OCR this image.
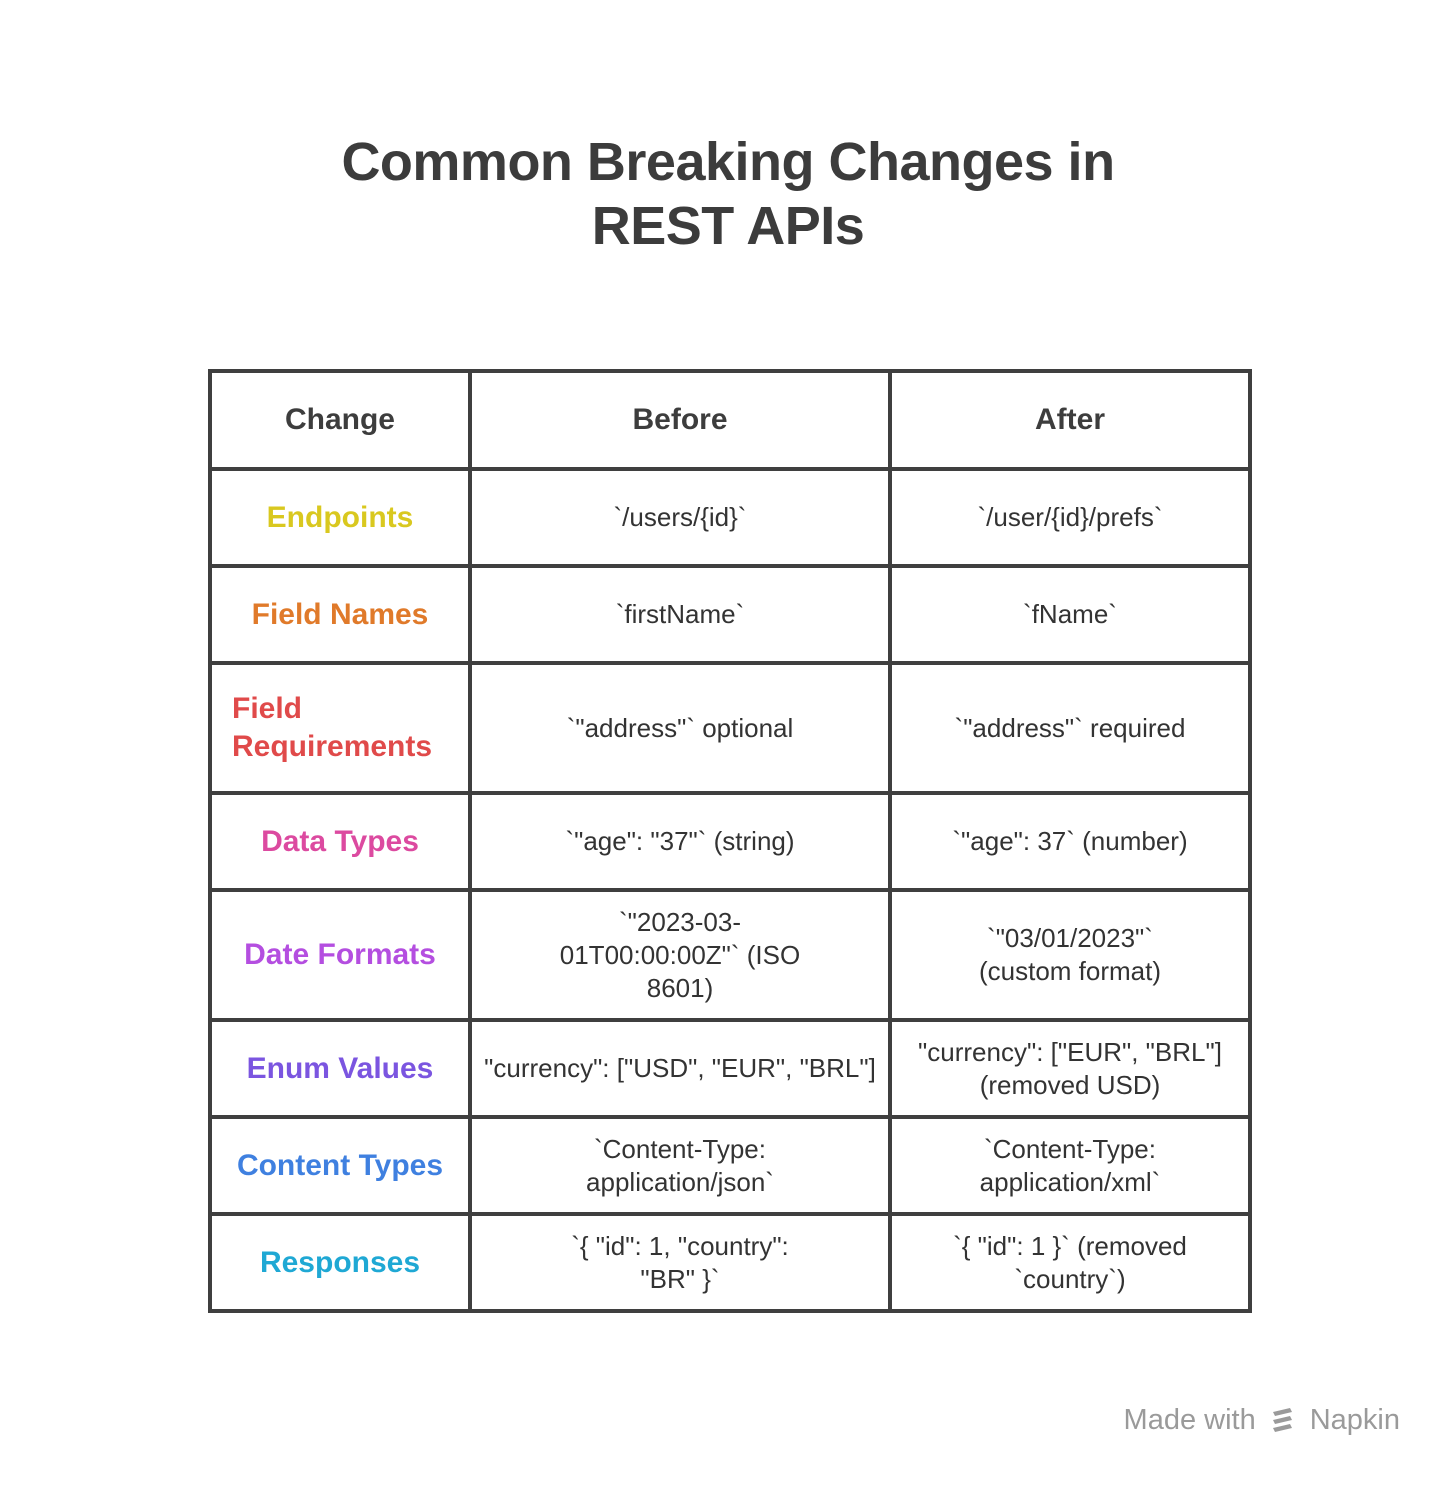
Common Breaking Changes in
REST APIs
Change	Before	After
Endpoints	`/users/{id}`	`/user/{id}/prefs`
Field Names	`firstName`	`fName`
Field Requirements	`"address"` optional	`"address"` required
Data Types	`"age": "37"` (string)	`"age": 37` (number)
Date Formats	`"2023-03-01T00:00:00Z"` (ISO 8601)	`"03/01/2023"` (custom format)
Enum Values	"currency": ["USD", "EUR", "BRL"]	"currency": ["EUR", "BRL"] (removed USD)
Content Types	`Content-Type: application/json`	`Content-Type: application/xml`
Responses	`{ "id": 1, "country": "BR" }`	`{ "id": 1 }` (removed `country`)
Made with Napkin
